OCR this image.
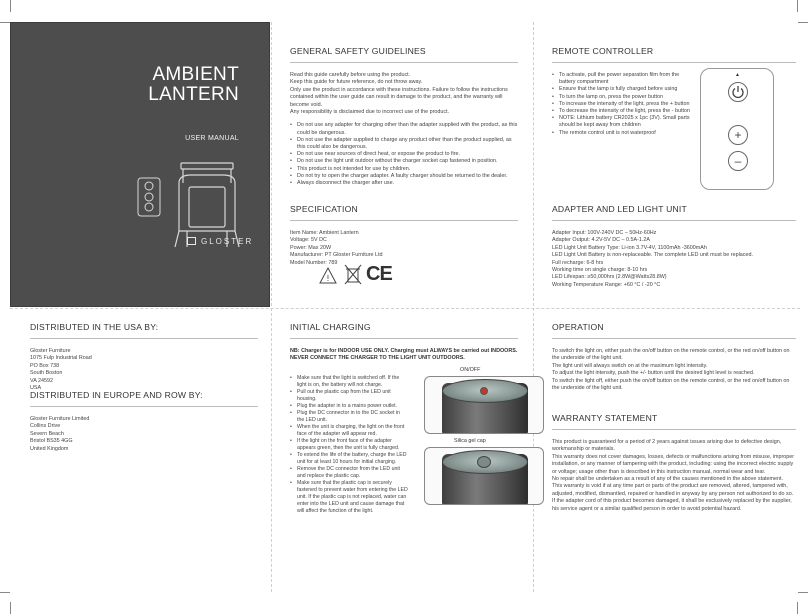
AMBIENT
LANTERN
USER MANUAL
GLOSTER
GENERAL SAFETY GUIDELINES

Read this guide carefully before using the product.

Keep this guide for future reference, do not throw away.

Only use the product in accordance with these instructions. Failure to follow the instructions contained within the user guide can result in damage to the product, and the warranty will become void.

Any responsibility is disclaimed due to incorrect use of the product.

• Do not use any adapter for charging other than the adapter supplied with the product, as this could be dangerous.
• Do not use the adapter supplied to charge any product other than the product supplied, as this could also be dangerous.
• Do not use near sources of direct heat, or expose the product to fire.
• Do not use the light unit outdoor without the charger socket cap fastened in position.
• This product is not intended for use by children.
• Do not try to open the charger adapter. A faulty charger should be returned to the dealer.
• Always disconnect the charger after use.
SPECIFICATION

Item Name: Ambient Lantern

Voltage: 5V DC

Power: Max 20W

Manufacturer: PT Gloster Furniture Ltd

Model Number: 789

! CE
REMOTE CONTROLLER
• To activate, pull the power separation film from the battery compartment
• Ensure that the lamp is fully charged before using
• To turn the lamp on, press the power button
• To increase the intensity of the light, press the + button
• To decrease the intensity of the light, press the - button
• NOTE: Lithium battery CR2025 x 1pc (3V). Small parts should be kept away from children
• The remote control unit is not waterproof
▲
+
–
ADAPTER AND LED LIGHT UNIT

Adapter Input: 100V-240V DC – 50Hz-60Hz

Adapter Output: 4.2V-5V DC – 0.5A-1.2A

LED Light Unit Battery Type: Li-ion 3.7V-4V, 1100mAh -3600mAh

LED Light Unit Battery is non-replaceable. The complete LED unit must be replaced.

Full recharge: 6-8 hrs

Working time on single charge: 8-10 hrs

LED Lifespan: ≥50,000hrs (2.8W@Watts28.8W)

Working Temperature Range: +60 °C / -20 °C

DISTRIBUTED IN THE USA BY:

Gloster Furniture

1075 Fulp Industrial Road

PO Box 738

South Boston

VA 24592

USA

DISTRIBUTED IN EUROPE AND ROW BY:

Gloster Furniture Limited

Collins Drive

Severn Beach

Bristol BS35 4GG

United Kingdom

INITIAL CHARGING
NB: Charger is for INDOOR USE ONLY. Charging must ALWAYS be carried out INDOORS. NEVER CONNECT THE CHARGER TO THE LIGHT UNIT OUTDOORS.
• Make sure that the light is switched off. If the light is on, the battery will not charge.
• Pull out the plastic cap from the LED unit housing.
• Plug the adapter in to a mains power outlet.
• Plug the DC connector in to the DC socket in the LED unit.
• When the unit is charging, the light on the front face of the adapter will appear red.
• If the light on the front face of the adapter appears green, then the unit is fully charged.
• To extend the life of the battery, charge the LED unit for at least 10 hours for initial charging.
• Remove the DC connector from the LED unit and replace the plastic cap.
• Make sure that the plastic cap is securely fastened to prevent water from entering the LED unit. If the plastic cap is not replaced, water can enter into the LED unit and cause damage that will affect the function of the light.
ON/OFF
Silica gel cap
OPERATION

To switch the light on, either push the on/off button on the remote control, or the red on/off button on the underside of the light unit.

The light unit will always switch on at the maximum light intensity.

To adjust the light intensity, push the +/- button until the desired light level is reached.

To switch the light off, either push the on/off button on the remote control, or the red on/off button on the underside of the light unit.

WARRANTY STATEMENT

This product is guaranteed for a period of 2 years against issues arising due to defective design, workmanship or materials.

This warranty does not cover damages, losses, defects or malfunctions arising from misuse, improper installation, or any manner of tampering with the product, including: using the incorrect electric supply or voltage; usage other than is described in this instruction manual, normal wear and tear.

No repair shall be undertaken as a result of any of the causes mentioned in the above statement.

This warranty is void if at any time part or parts of the product are removed, altered, tampered with, adjusted, modified, dismantled, repaired or handled in anyway by any person not authorized to do so.

If the adapter cord of this product becomes damaged, it shall be exclusively replaced by the supplier, his service agent or a similar qualified person in order to avoid potential hazard.
